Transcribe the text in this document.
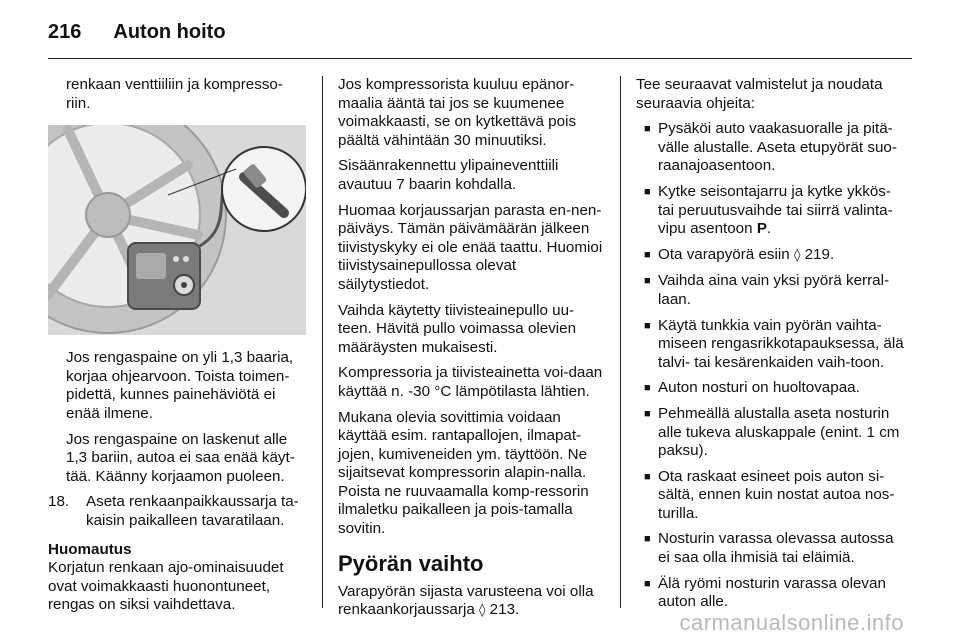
216 Auton hoito

renkaan venttiiliin ja kompresso-riin.

Jos rengaspaine on yli 1,3 baaria, korjaa ohjearvoon. Toista toimen-pidettä, kunnes painehäviötä ei enää ilmene.

Jos rengaspaine on laskenut alle 1,3 bariin, autoa ei saa enää käyt-tää. Käänny korjaamon puoleen.

18.	Aseta renkaanpaikkaussarja ta-kaisin paikalleen tavaratilaan.
Huomautus

Korjatun renkaan ajo-ominaisuudet ovat voimakkaasti huonontuneet, rengas on siksi vaihdettava.

Jos kompressorista kuuluu epänor-maalia ääntä tai jos se kuumenee voimakkaasti, se on kytkettävä pois päältä vähintään 30 minuutiksi.

Sisäänrakennettu ylipaineventtiili avautuu 7 baarin kohdalla.

Huomaa korjaussarjan parasta en-nen-päiväys. Tämän päivämäärän jälkeen tiivistyskyky ei ole enää taattu. Huomioi tiivistysainepullossa olevat säilytystiedot.

Vaihda käytetty tiivisteainepullo uu-teen. Hävitä pullo voimassa olevien määräysten mukaisesti.

Kompressoria ja tiivisteainetta voi-daan käyttää n. -30 °C lämpötilasta lähtien.

Mukana olevia sovittimia voidaan käyttää esim. rantapallojen, ilmapat-jojen, kumiveneiden ym. täyttöön. Ne sijaitsevat kompressorin alapin-nalla. Poista ne ruuvaamalla komp-ressorin ilmaletku paikalleen ja pois-tamalla sovitin.

Pyörän vaihto

Varapyörän sijasta varusteena voi olla renkaankorjaussarja ◊ 213.

Tee seuraavat valmistelut ja noudata seuraavia ohjeita:

■ Pysäköi auto vaakasuoralle ja pitä-välle alustalle. Aseta etupyörät suo-raanajoasentoon.
■ Kytke seisontajarru ja kytke ykkös- tai peruutusvaihde tai siirrä valinta-vipu asentoon P.
■ Ota varapyörä esiin ◊ 219.
■ Vaihda aina vain yksi pyörä kerral-laan.
■ Käytä tunkkia vain pyörän vaihta-miseen rengasrikkotapauksessa, älä talvi- tai kesärenkaiden vaih-toon.
■ Auton nosturi on huoltovapaa.
■ Pehmeällä alustalla aseta nosturin alle tukeva aluskappale (enint. 1 cm paksu).
■ Ota raskaat esineet pois auton si-sältä, ennen kuin nostat autoa nos-turilla.
■ Nosturin varassa olevassa autossa ei saa olla ihmisiä tai eläimiä.
■ Älä ryömi nosturin varassa olevan auton alle.
carmanualsonline.info
